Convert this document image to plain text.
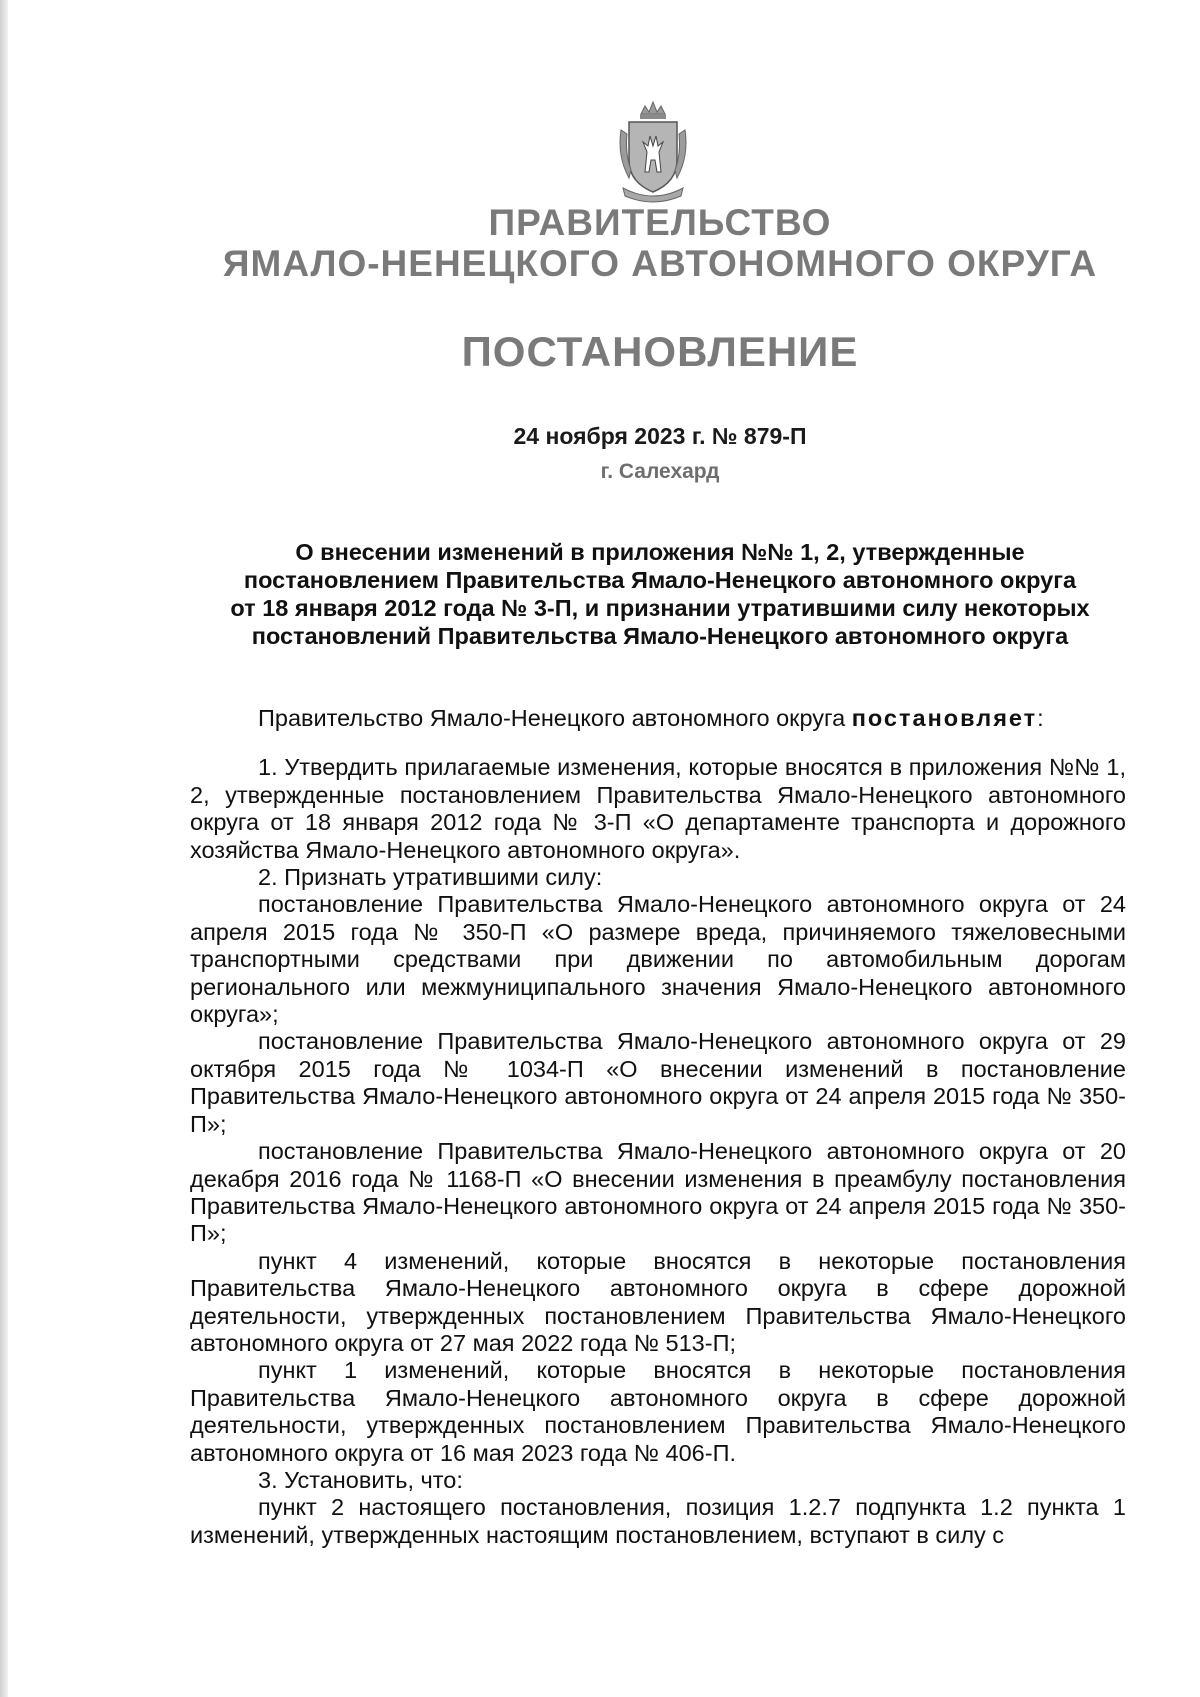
ПРАВИТЕЛЬСТВО
ЯМАЛО-НЕНЕЦКОГО АВТОНОМНОГО ОКРУГА
ПОСТАНОВЛЕНИЕ
24 ноября 2023 г. № 879-П
г. Салехард
О внесении изменений в приложения №№ 1, 2, утвержденные
постановлением Правительства Ямало-Ненецкого автономного округа
от 18 января 2012 года № 3-П, и признании утратившими силу некоторых
постановлений Правительства Ямало-Ненецкого автономного округа

Правительство Ямало-Ненецкого автономного округа постановляет:

1. Утвердить прилагаемые изменения, которые вносятся в приложения №№ 1, 2, утвержденные постановлением Правительства Ямало-Ненецкого автономного округа от 18 января 2012 года № 3-П «О департаменте транспорта и дорожного хозяйства Ямало-Ненецкого автономного округа».

2. Признать утратившими силу:

постановление Правительства Ямало-Ненецкого автономного округа от 24 апреля 2015 года № 350-П «О размере вреда, причиняемого тяжеловесными транспортными средствами при движении по автомобильным дорогам регионального или межмуниципального значения Ямало-Ненецкого автономного округа»;

постановление Правительства Ямало-Ненецкого автономного округа от 29 октября 2015 года № 1034-П «О внесении изменений в постановление Правительства Ямало-Ненецкого автономного округа от 24 апреля 2015 года № 350-П»;

постановление Правительства Ямало-Ненецкого автономного округа от 20 декабря 2016 года № 1168-П «О внесении изменения в преамбулу постановления Правительства Ямало-Ненецкого автономного округа от 24 апреля 2015 года № 350-П»;

пункт 4 изменений, которые вносятся в некоторые постановления Правительства Ямало-Ненецкого автономного округа в сфере дорожной деятельности, утвержденных постановлением Правительства Ямало-Ненецкого автономного округа от 27 мая 2022 года № 513-П;

пункт 1 изменений, которые вносятся в некоторые постановления Правительства Ямало-Ненецкого автономного округа в сфере дорожной деятельности, утвержденных постановлением Правительства Ямало-Ненецкого автономного округа от 16 мая 2023 года № 406-П.

3. Установить, что:

пункт 2 настоящего постановления, позиция 1.2.7 подпункта 1.2 пункта 1 изменений, утвержденных настоящим постановлением, вступают в силу с
